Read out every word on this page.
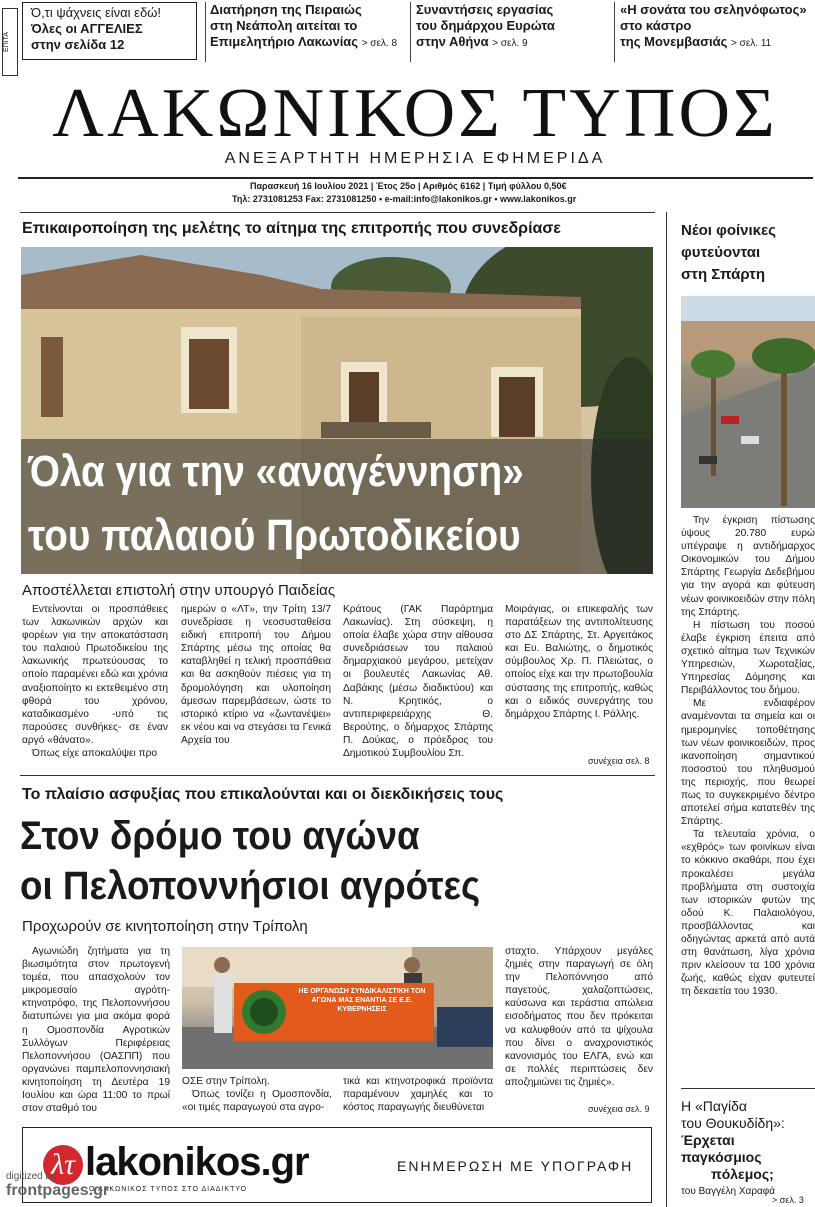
ΕΠΙΤΑ
Ό,τι ψάχνεις είναι εδώ!
Όλες οι ΑΓΓΕΛΙΕΣ
στην σελίδα 12
Διατήρηση της Πειραιώς
στη Νεάπολη αιτείται το
Επιμελητήριο Λακωνίας > σελ. 8
Συναντήσεις εργασίας
του δημάρχου Ευρώτα
στην Αθήνα > σελ. 9
«Η σονάτα του σεληνόφωτος»
στο κάστρο
της Μονεμβασιάς > σελ. 11
ΛΑΚΩΝΙΚΟΣ ΤΥΠΟΣ
ΑΝΕΞΑΡΤΗΤΗ ΗΜΕΡΗΣΙΑ ΕΦΗΜΕΡΙΔΑ
Παρασκευή 16 Ιουλίου 2021 | Έτος 25ο | Αριθμός 6162 | Τιμή φύλλου 0,50€
Τηλ: 2731081253 Fax: 2731081250 • e-mail:info@lakonikos.gr • www.lakonikos.gr
Επικαιροποίηση της μελέτης το αίτημα της επιτροπής που συνεδρίασε
Όλα για την «αναγέννηση»
του παλαιού Πρωτοδικείου
Αποστέλλεται επιστολή στην υπουργό Παιδείας

Εντείνονται οι προσπάθειες των λακωνικών αρχών και φορέων για την αποκατάσταση του παλαιού Πρωτοδικείου της λακωνικής πρωτεύουσας το οποίο παραμένει εδώ και χρόνια αναξιοποίητο κι εκτεθειμένο στη φθορά του χρόνου, καταδικασμένο -υπό τις παρούσες συνθήκες- σε έναν αργό «θάνατο».

Όπως είχε αποκαλύψει προ

ημερών ο «ΛΤ», την Τρίτη 13/7 συνεδρίασε η νεοσυσταθείσα ειδική επιτροπή του Δήμου Σπάρτης μέσω της οποίας θα καταβληθεί η τελική προσπάθεια και θα ασκηθούν πιέσεις για τη δρομολόγηση και υλοποίηση άμεσων παρεμβάσεων, ώστε το ιστορικό κτίριο να «ζωντανέψει» εκ νέου και να στεγάσει τα Γενικά Αρχεία του
Κράτους (ΓΑΚ Παράρτημα Λακωνίας). Στη σύσκεψη, η οποία έλαβε χώρα στην αίθουσα συνεδριάσεων του παλαιού δημαρχιακού μεγάρου, μετείχαν οι βουλευτές Λακωνίας Αθ. Δαβάκης (μέσω διαδικτύου) και Ν. Κρητικός, ο αντιπεριφερειάρχης Θ. Βερούτης, ο δήμαρχος Σπάρτης Π. Δούκας, ο πρόεδρος του Δημοτικού Συμβουλίου Σπ.
Μοιράγιας, οι επικεφαλής των παρατάξεων της αντιπολίτευσης στο ΔΣ Σπάρτης, Στ. Αργειτάκος και Ευ. Βαλιώτης, ο δημοτικός σύμβουλος Χρ. Π. Πλειώτας, ο οποίος είχε και την πρωτοβουλία σύστασης της επιτροπής, καθώς και ο ειδικός συνεργάτης του δημάρχου Σπάρτης Ι. Ράλλης.
συνέχεια σελ. 8
Το πλαίσιο ασφυξίας που επικαλούνται και οι διεκδικήσεις τους
Στον δρόμο του αγώνα
οι Πελοποννήσιοι αγρότες
Προχωρούν σε κινητοποίηση στην Τρίπολη

Αγωνιώδη ζητήματα για τη βιωσιμότητα στον πρωτογενή τομέα, που απασχολούν τον μικρομεσαίο αγρότη-κτηνοτρόφο, της Πελοποννήσου διατυπώνει για μια ακόμα φορά η Ομοσπονδία Αγροτικών Συλλόγων Περιφέρειας Πελοποννήσου (ΟΑΣΠΠ) που οργανώνει παμπελοποννησιακή κινητοποίηση τη Δευτέρα 19 Ιουλίου και ώρα 11:00 το πρωί στον σταθμό του

ΗΕ ΟΡΓΑΝΩΣΗ ΣΥΝΔΙΚΑΛΙΣΤΙΚΗ ΤΟΝ ΑΓΩΝΑ ΜΑΣ ΕΝΑΝΤΙΑ ΣΕ Ε.Ε. ΚΥΒΕΡΝΗΣΕΙΣ
ΟΣΕ στην Τρίπολη.

Όπως τονίζει η Ομοσπονδία, «οι τιμές παραγωγού στα αγρο-

τικά και κτηνοτροφικά προϊόντα παραμένουν χαμηλές και το κόστος παραγωγής διευθύνεται
σταχτο. Υπάρχουν μεγάλες ζημιές στην παραγωγή σε όλη την Πελοπόννησο από παγετούς, χαλαζοπτώσεις, καύσωνα και τεράστια απώλεια εισοδήματος που δεν πρόκειται να καλυφθούν από τα ψίχουλα που δίνει ο αναχρονιστικός κανονισμός του ΕΛΓΑ, ενώ και σε πολλές περιπτώσεις δεν αποζημιώνει τις ζημιές».
συνέχεια σελ. 9
Νέοι φοίνικες
φυτεύονται
στη Σπάρτη

Την έγκριση πίστωσης ύψους 20.780 ευρώ υπέγραψε η αντιδήμαρχος Οικονομικών του Δήμου Σπάρτης Γεωργία Δεδεβήμου για την αγορά και φύτευση νέων φοινικοειδών στην πόλη της Σπάρτης.

Η πίστωση του ποσού έλαβε έγκριση έπειτα από σχετικό αίτημα των Τεχνικών Υπηρεσιών, Χωροταξίας, Υπηρεσίας Δόμησης και Περιβάλλοντος του δήμου.

Με ενδιαφέρον αναμένονται τα σημεία και οι ημερομηνίες τοποθέτησης των νέων φοινικοειδών, προς ικανοποίηση σημαντικού ποσοστού του πληθυσμού της περιοχής, που θεωρεί πως το συγκεκριμένο δέντρο αποτελεί σήμα κατατεθέν της Σπάρτης.

Τα τελευταία χρόνια, ο «εχθρός» των φοινίκων είναι το κόκκινο σκαθάρι, που έχει προκαλέσει μεγάλα προβλήματα στη συστοιχία των ιστορικών φυτών της οδού Κ. Παλαιολόγου, προσβάλλοντας και οδηγώντας αρκετά από αυτά στη θανάτωση, λίγα χρόνια πριν κλείσουν τα 100 χρόνια ζωής, καθώς είχαν φυτευτεί τη δεκαετία του 1930.

Η «Παγίδα
του Θουκυδίδη»:
Έρχεται παγκόσμιος
πόλεμος;
του Βαγγέλη Χαραφά
> σελ. 3
λτ lakonikos.gr
Ο ΛΑΚΩΝΙΚΟΣ ΤΥΠΟΣ ΣΤΟ ΔΙΑΔΙΚΤΥΟ
ΕΝΗΜΕΡΩΣΗ ΜΕ ΥΠΟΓΡΑΦΗ
digitized by
frontpages.gr
